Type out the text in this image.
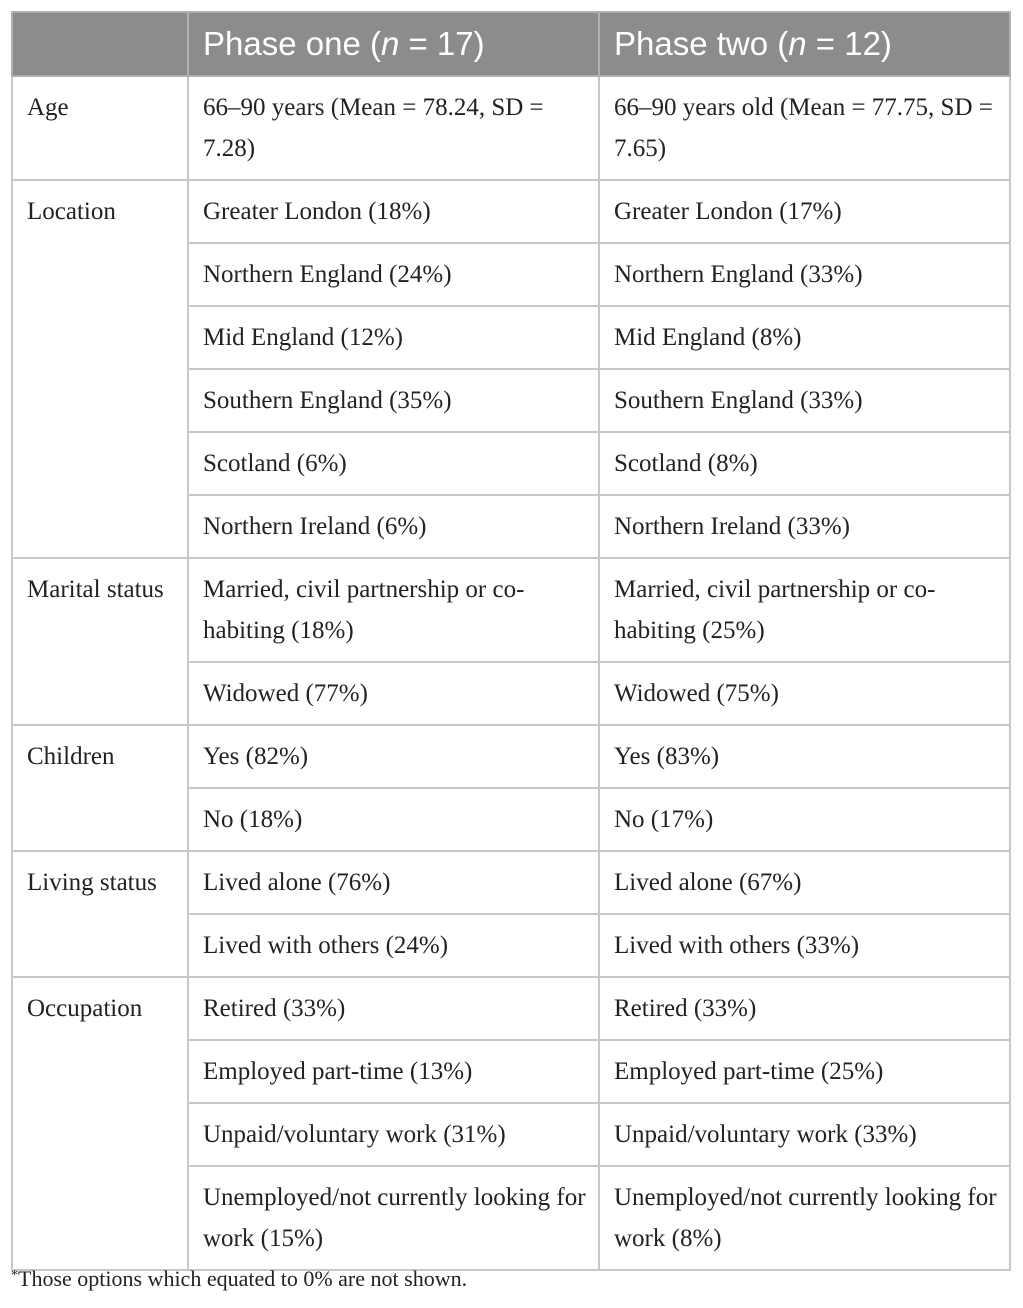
	Phase one (n = 17)	Phase two (n = 12)
Age	66–90 years (Mean = 78.24, SD = 7.28)	66–90 years old (Mean = 77.75, SD = 7.65)
Location	Greater London (18%)	Greater London (17%)
	Northern England (24%)	Northern England (33%)
	Mid England (12%)	Mid England (8%)
	Southern England (35%)	Southern England (33%)
	Scotland (6%)	Scotland (8%)
	Northern Ireland (6%)	Northern Ireland (33%)
Marital status	Married, civil partnership or co-habiting (18%)	Married, civil partnership or co-habiting (25%)
	Widowed (77%)	Widowed (75%)
Children	Yes (82%)	Yes (83%)
	No (18%)	No (17%)
Living status	Lived alone (76%)	Lived alone (67%)
	Lived with others (24%)	Lived with others (33%)
Occupation	Retired (33%)	Retired (33%)
	Employed part-time (13%)	Employed part-time (25%)
	Unpaid/voluntary work (31%)	Unpaid/voluntary work (33%)
	Unemployed/not currently looking for work (15%)	Unemployed/not currently looking for work (8%)
*Those options which equated to 0% are not shown.
